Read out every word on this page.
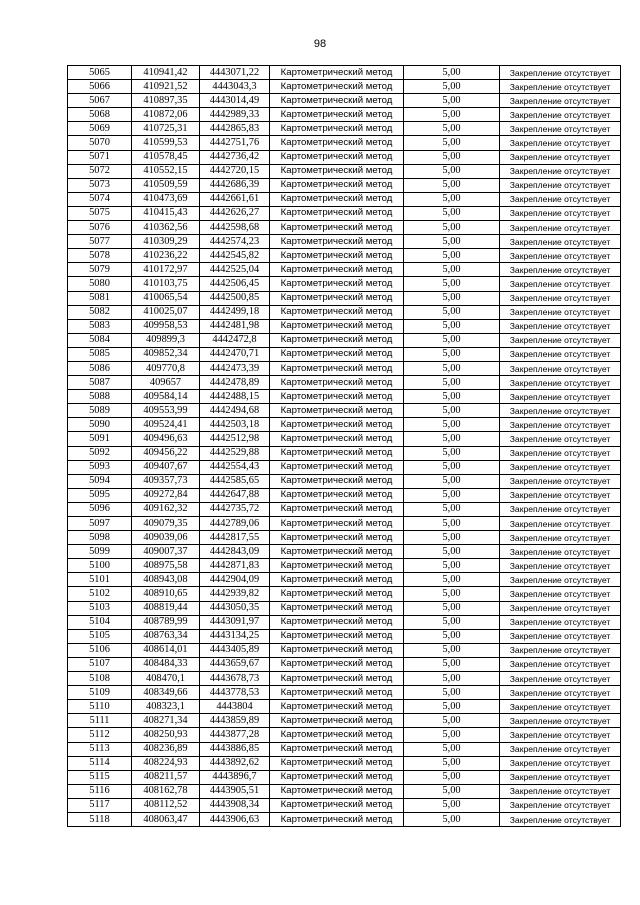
98
5065	410941,42	4443071,22	Картометрический метод	5,00	Закрепление отсутствует
5066	410921,52	4443043,3	Картометрический метод	5,00	Закрепление отсутствует
5067	410897,35	4443014,49	Картометрический метод	5,00	Закрепление отсутствует
5068	410872,06	4442989,33	Картометрический метод	5,00	Закрепление отсутствует
5069	410725,31	4442865,83	Картометрический метод	5,00	Закрепление отсутствует
5070	410599,53	4442751,76	Картометрический метод	5,00	Закрепление отсутствует
5071	410578,45	4442736,42	Картометрический метод	5,00	Закрепление отсутствует
5072	410552,15	4442720,15	Картометрический метод	5,00	Закрепление отсутствует
5073	410509,59	4442686,39	Картометрический метод	5,00	Закрепление отсутствует
5074	410473,69	4442661,61	Картометрический метод	5,00	Закрепление отсутствует
5075	410415,43	4442626,27	Картометрический метод	5,00	Закрепление отсутствует
5076	410362,56	4442598,68	Картометрический метод	5,00	Закрепление отсутствует
5077	410309,29	4442574,23	Картометрический метод	5,00	Закрепление отсутствует
5078	410236,22	4442545,82	Картометрический метод	5,00	Закрепление отсутствует
5079	410172,97	4442525,04	Картометрический метод	5,00	Закрепление отсутствует
5080	410103,75	4442506,45	Картометрический метод	5,00	Закрепление отсутствует
5081	410065,54	4442500,85	Картометрический метод	5,00	Закрепление отсутствует
5082	410025,07	4442499,18	Картометрический метод	5,00	Закрепление отсутствует
5083	409958,53	4442481,98	Картометрический метод	5,00	Закрепление отсутствует
5084	409899,3	4442472,8	Картометрический метод	5,00	Закрепление отсутствует
5085	409852,34	4442470,71	Картометрический метод	5,00	Закрепление отсутствует
5086	409770,8	4442473,39	Картометрический метод	5,00	Закрепление отсутствует
5087	409657	4442478,89	Картометрический метод	5,00	Закрепление отсутствует
5088	409584,14	4442488,15	Картометрический метод	5,00	Закрепление отсутствует
5089	409553,99	4442494,68	Картометрический метод	5,00	Закрепление отсутствует
5090	409524,41	4442503,18	Картометрический метод	5,00	Закрепление отсутствует
5091	409496,63	4442512,98	Картометрический метод	5,00	Закрепление отсутствует
5092	409456,22	4442529,88	Картометрический метод	5,00	Закрепление отсутствует
5093	409407,67	4442554,43	Картометрический метод	5,00	Закрепление отсутствует
5094	409357,73	4442585,65	Картометрический метод	5,00	Закрепление отсутствует
5095	409272,84	4442647,88	Картометрический метод	5,00	Закрепление отсутствует
5096	409162,32	4442735,72	Картометрический метод	5,00	Закрепление отсутствует
5097	409079,35	4442789,06	Картометрический метод	5,00	Закрепление отсутствует
5098	409039,06	4442817,55	Картометрический метод	5,00	Закрепление отсутствует
5099	409007,37	4442843,09	Картометрический метод	5,00	Закрепление отсутствует
5100	408975,58	4442871,83	Картометрический метод	5,00	Закрепление отсутствует
5101	408943,08	4442904,09	Картометрический метод	5,00	Закрепление отсутствует
5102	408910,65	4442939,82	Картометрический метод	5,00	Закрепление отсутствует
5103	408819,44	4443050,35	Картометрический метод	5,00	Закрепление отсутствует
5104	408789,99	4443091,97	Картометрический метод	5,00	Закрепление отсутствует
5105	408763,34	4443134,25	Картометрический метод	5,00	Закрепление отсутствует
5106	408614,01	4443405,89	Картометрический метод	5,00	Закрепление отсутствует
5107	408484,33	4443659,67	Картометрический метод	5,00	Закрепление отсутствует
5108	408470,1	4443678,73	Картометрический метод	5,00	Закрепление отсутствует
5109	408349,66	4443778,53	Картометрический метод	5,00	Закрепление отсутствует
5110	408323,1	4443804	Картометрический метод	5,00	Закрепление отсутствует
5111	408271,34	4443859,89	Картометрический метод	5,00	Закрепление отсутствует
5112	408250,93	4443877,28	Картометрический метод	5,00	Закрепление отсутствует
5113	408236,89	4443886,85	Картометрический метод	5,00	Закрепление отсутствует
5114	408224,93	4443892,62	Картометрический метод	5,00	Закрепление отсутствует
5115	408211,57	4443896,7	Картометрический метод	5,00	Закрепление отсутствует
5116	408162,78	4443905,51	Картометрический метод	5,00	Закрепление отсутствует
5117	408112,52	4443908,34	Картометрический метод	5,00	Закрепление отсутствует
5118	408063,47	4443906,63	Картометрический метод	5,00	Закрепление отсутствует
